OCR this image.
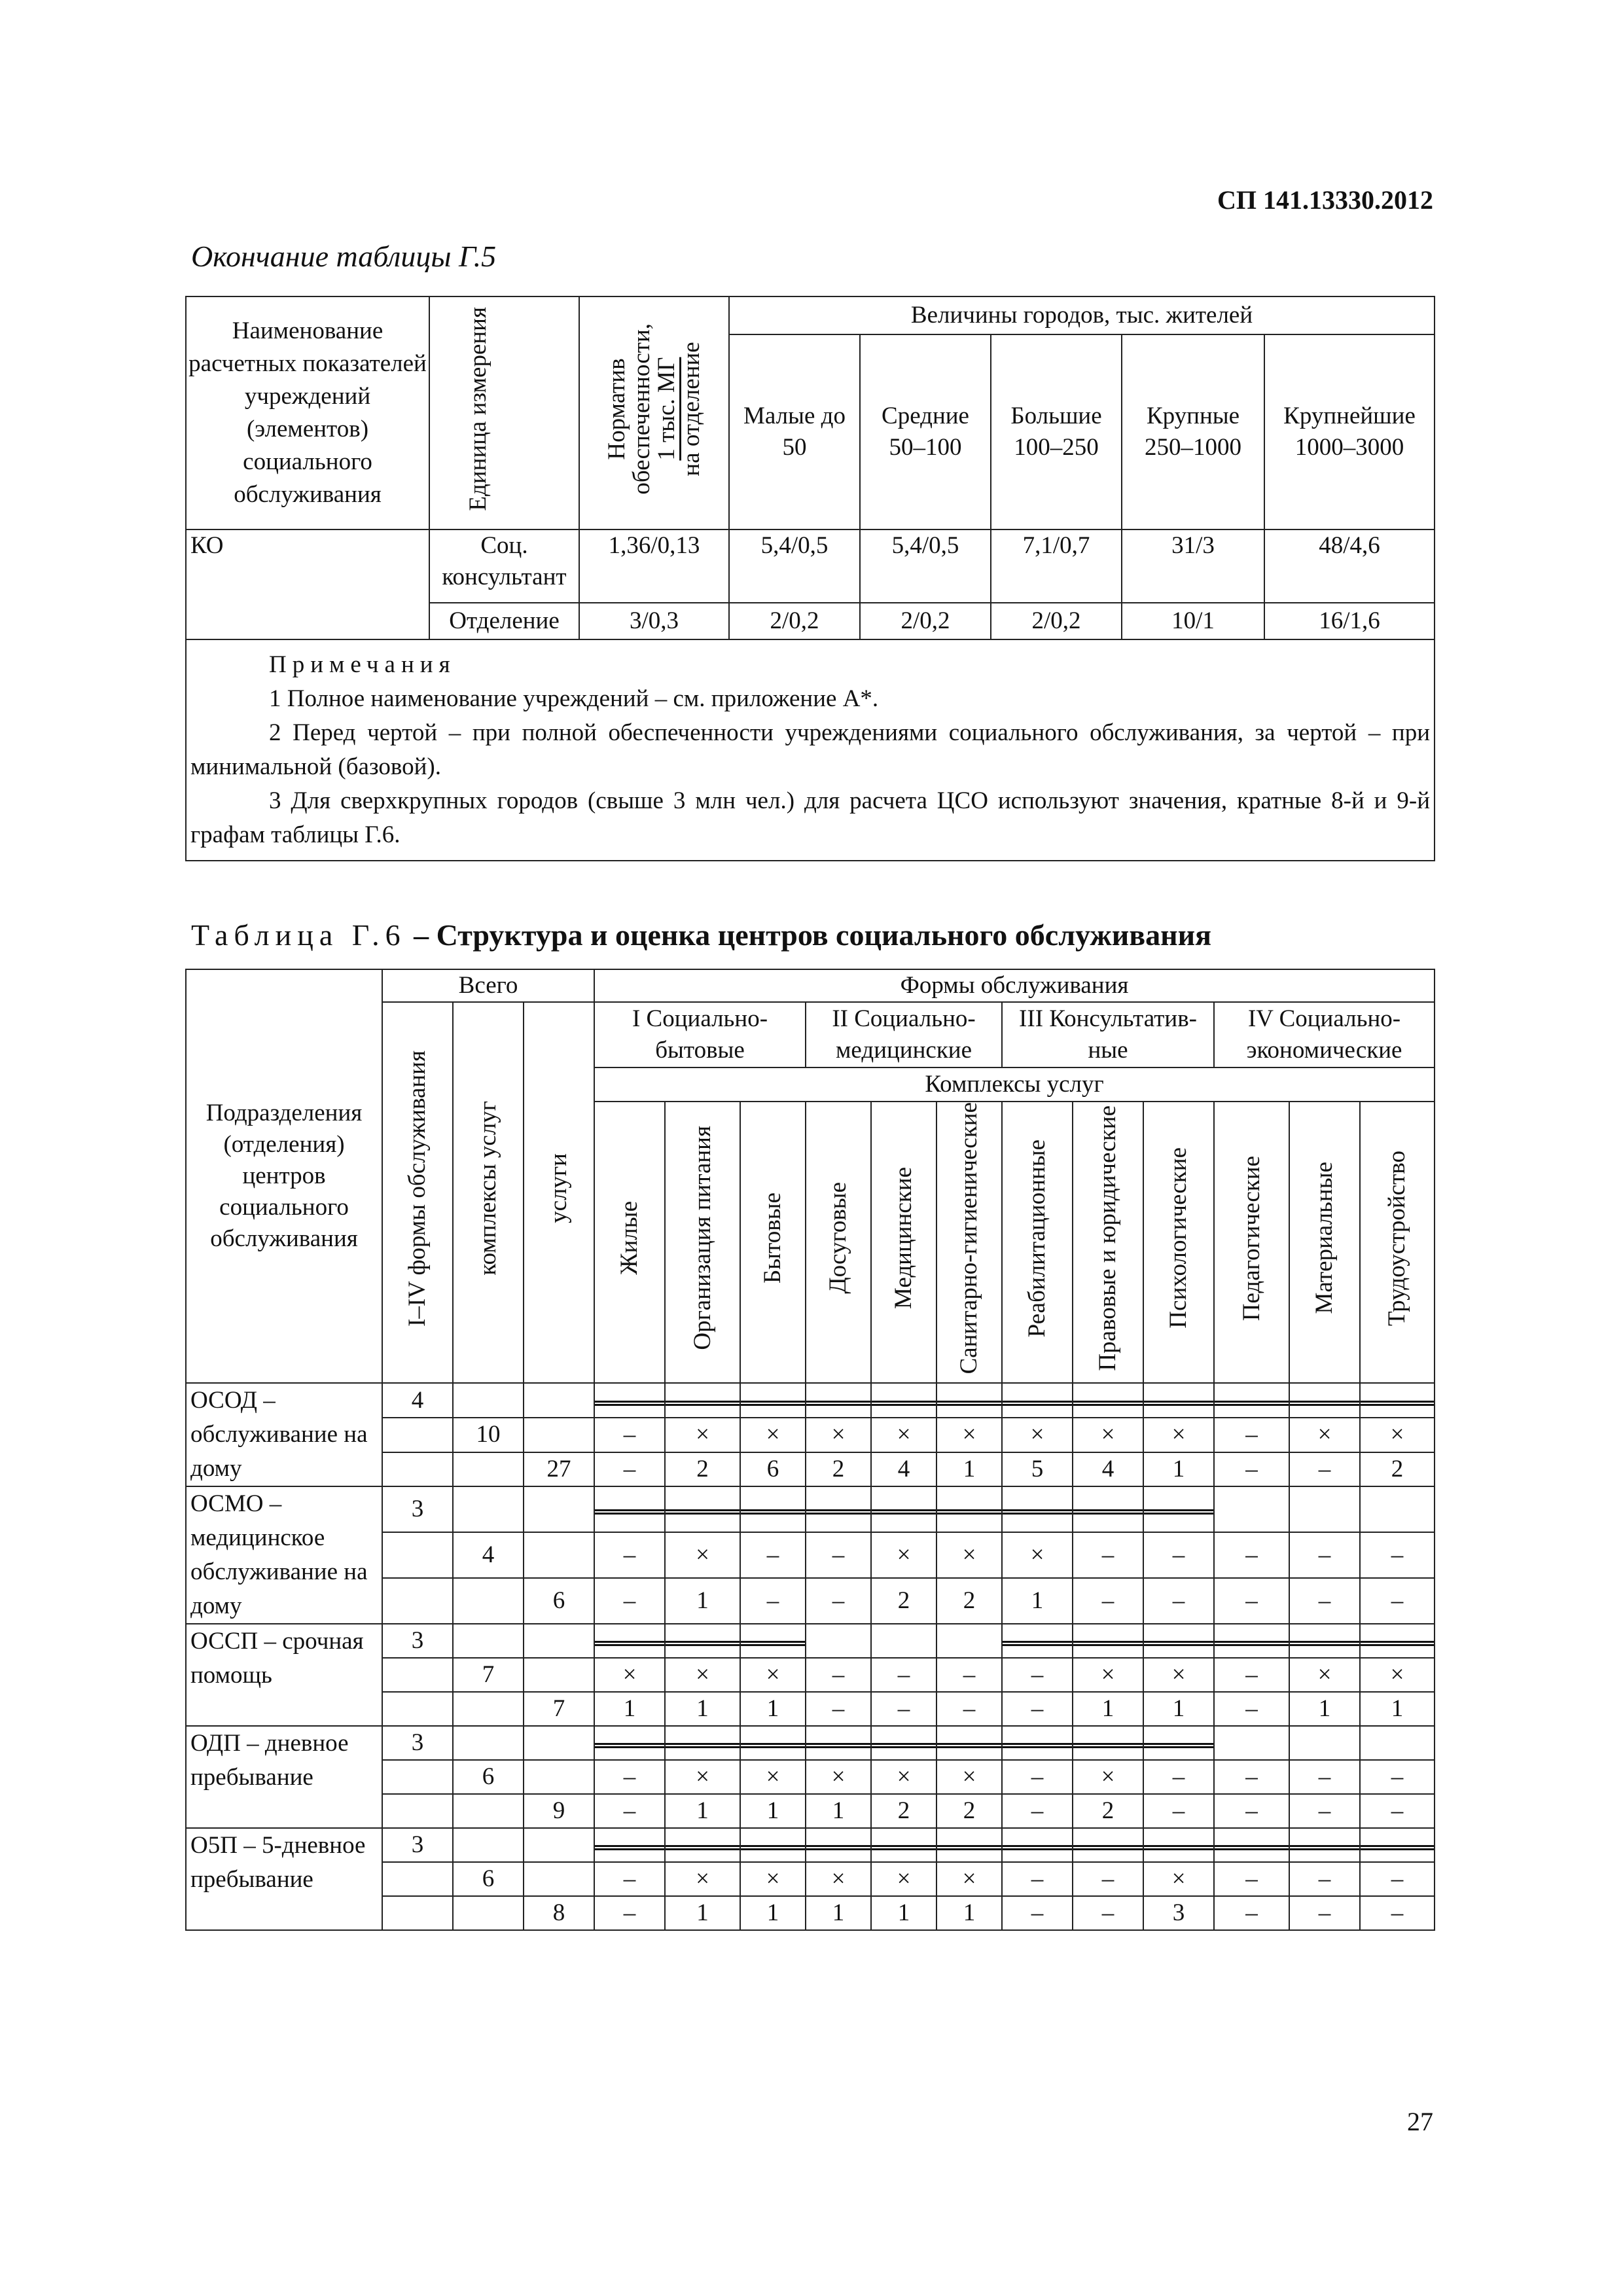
СП 141.13330.2012
Окончание таблицы Г.5
Наименование расчетных показателей учреждений (элементов) социального обслуживания	Единица измерения	Норматив
обеспеченности,
1 тыс. МГ
на отделение	Величины городов, тыс. жителей				
			Малые до 50	Средние 50–100	Большие 100–250	Крупные 250–1000	Крупнейшие 1000–3000
КО	Соц. консультант	1,36/0,13	5,4/0,5	5,4/0,5	7,1/0,7	31/3	48/4,6
	Отделение	3/0,3	2/0,2	2/0,2	2/0,2	10/1	16/1,6

Примечания
1 Полное наименование учреждений – см. приложение А*.
2 Перед чертой – при полной обеспеченности учреждениями социального обслуживания, за чертой – при минимальной (базовой).
3 Для сверхкрупных городов (свыше 3 млн чел.) для расчета ЦСО используют значения, кратные 8-й и 9-й графам таблицы Г.6.							
Таблица Г.6 – Структура и оценка центров социального обслуживания
Подразделения (отделения) центров социального обслуживания	Всего			Формы обслуживания											
	I–IV формы обслуживания	комплексы услуг	услуги	I Социально-бытовые			II Социально-медицинские			III Консультатив-ные			IV Социально-экономические		
				Комплексы услуг											
				Жилые	Организация питания	Бытовые	Досуговые	Медицинские	Санитарно-гигиенические	Реабилитационные	Правовые и юридические	Психологические	Педагогические	Материальные	Трудоустройство
ОСОД – обслуживание на дому	4														
		10		–	×	×	×	×	×	×	×	×	–	×	×
			27	–	2	6	2	4	1	5	4	1	–	–	2
ОСМО – медицинское обслуживание на дому	3														
		4		–	×	–	–	×	×	×	–	–	–	–	–
			6	–	1	–	–	2	2	1	–	–	–	–	–
ОССП – срочная помощь	3														
		7		×	×	×	–	–	–	–	×	×	–	×	×
			7	1	1	1	–	–	–	–	1	1	–	1	1
ОДП – дневное пребывание	3														
		6		–	×	×	×	×	×	–	×	–	–	–	–
			9	–	1	1	1	2	2	–	2	–	–	–	–
О5П – 5-дневное пребывание	3														
		6		–	×	×	×	×	×	–	–	×	–	–	–
			8	–	1	1	1	1	1	–	–	3	–	–	–
27
